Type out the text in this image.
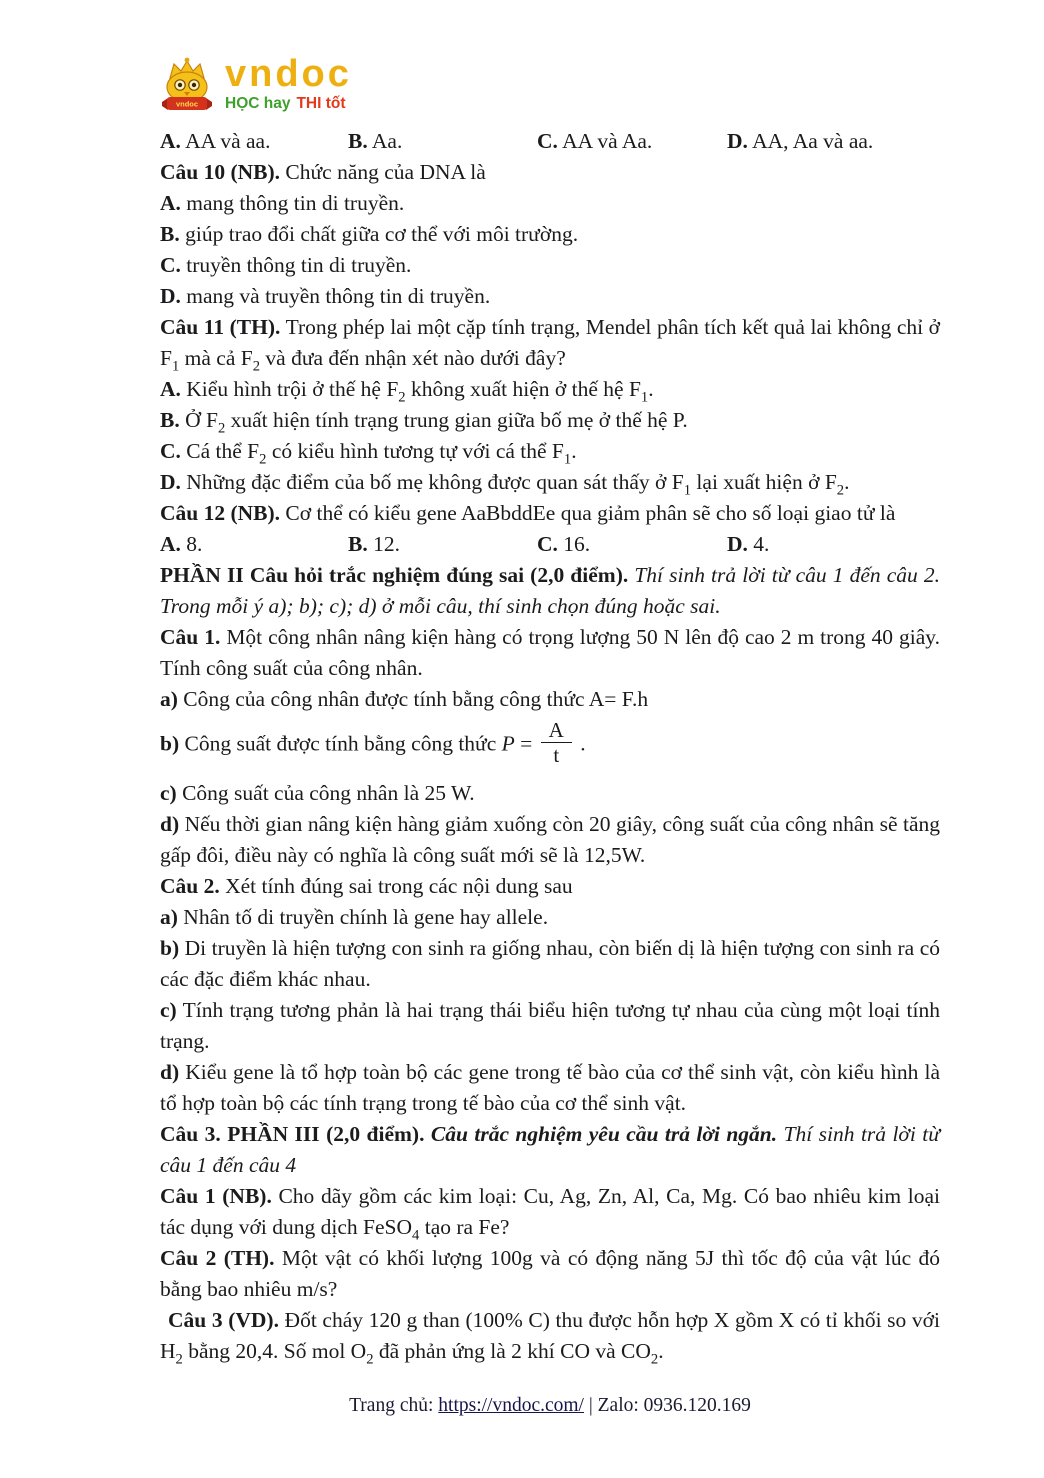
vndoc
vndoc
HỌC hay THI tốt
A. AA và aa.	B. Aa.	C. AA và Aa.	D. AA, Aa và aa.

Câu 10 (NB). Chức năng của DNA là

A. mang thông tin di truyền.

B. giúp trao đổi chất giữa cơ thể với môi trường.

C. truyền thông tin di truyền.

D. mang và truyền thông tin di truyền.

Câu 11 (TH). Trong phép lai một cặp tính trạng, Mendel phân tích kết quả lai không chỉ ở $F_1$ mà cả $F_2$ và đưa đến nhận xét nào dưới đây?

A. Kiểu hình trội ở thế hệ $F_2$ không xuất hiện ở thế hệ $F_1$.

B. Ở $F_2$ xuất hiện tính trạng trung gian giữa bố mẹ ở thế hệ P.

C. Cá thể $F_2$ có kiểu hình tương tự với cá thể $F_1$.

D. Những đặc điểm của bố mẹ không được quan sát thấy ở $F_1$ lại xuất hiện ở $F_2$.

Câu 12 (NB). Cơ thể có kiểu gene AaBbddEe qua giảm phân sẽ cho số loại giao tử là

A. 8.	B. 12.	C. 16.	D. 4.

PHẦN II Câu hỏi trắc nghiệm đúng sai (2,0 điểm). Thí sinh trả lời từ câu 1 đến câu 2. Trong mỗi ý a); b); c); d) ở mỗi câu, thí sinh chọn đúng hoặc sai.

Câu 1. Một công nhân nâng kiện hàng có trọng lượng 50 N lên độ cao 2 m trong 40 giây. Tính công suất của công nhân.

a) Công của công nhân được tính bằng công thức A= F.h

b) Công suất được tính bằng công thức $P = \frac{A}{t}$ .

c) Công suất của công nhân là 25 W.

d) Nếu thời gian nâng kiện hàng giảm xuống còn 20 giây, công suất của công nhân sẽ tăng gấp đôi, điều này có nghĩa là công suất mới sẽ là 12,5W.

Câu 2. Xét tính đúng sai trong các nội dung sau

a) Nhân tố di truyền chính là gene hay allele.

b) Di truyền là hiện tượng con sinh ra giống nhau, còn biến dị là hiện tượng con sinh ra có các đặc điểm khác nhau.

c) Tính trạng tương phản là hai trạng thái biểu hiện tương tự nhau của cùng một loại tính trạng.

d) Kiểu gene là tổ hợp toàn bộ các gene trong tế bào của cơ thể sinh vật, còn kiểu hình là tổ hợp toàn bộ các tính trạng trong tế bào của cơ thể sinh vật.

Câu 3. PHẦN III (2,0 điểm). Câu trắc nghiệm yêu cầu trả lời ngắn. Thí sinh trả lời từ câu 1 đến câu 4

Câu 1 (NB). Cho dãy gồm các kim loại: Cu, Ag, Zn, Al, Ca, Mg. Có bao nhiêu kim loại tác dụng với dung dịch FeSO$_4$ tạo ra Fe?

Câu 2 (TH). Một vật có khối lượng 100g và có động năng 5J thì tốc độ của vật lúc đó bằng bao nhiêu m/s?

Câu 3 (VD). Đốt cháy 120 g than (100% C) thu được hỗn hợp X gồm X có tỉ khối so với $H_2$ bằng 20,4. Số mol $O_2$ đã phản ứng là 2 khí CO và $CO_2$.

Trang chủ: https://vndoc.com/ | Zalo: 0936.120.169
